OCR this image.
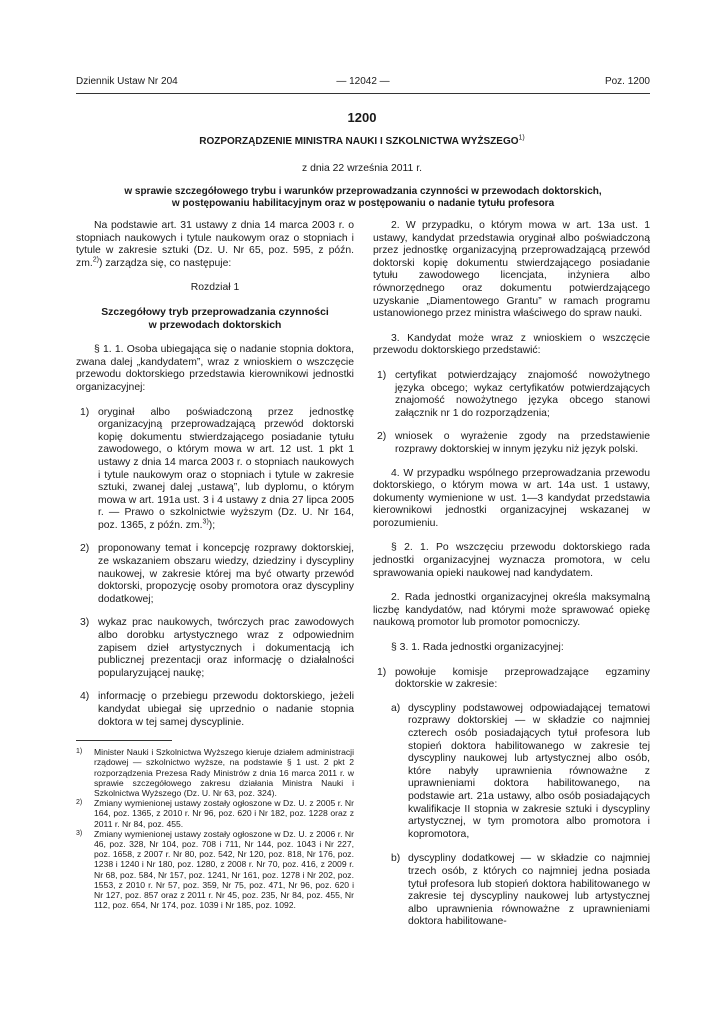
Dziennik Ustaw Nr 204	— 12042 —	Poz. 1200
1200
ROZPORZĄDZENIE MINISTRA NAUKI I SZKOLNICTWA WYŻSZEGO$^{1)}$
z dnia 22 września 2011 r.
w sprawie szczegółowego trybu i warunków przeprowadzania czynności w przewodach doktorskich,
w postępowaniu habilitacyjnym oraz w postępowaniu o nadanie tytułu profesora

Na podstawie art. 31 ustawy z dnia 14 marca 2003 r. o stopniach naukowych i tytule naukowym oraz o stopniach i tytule w zakresie sztuki (Dz. U. Nr 65, poz. 595, z późn. zm.$^{2)}$) zarządza się, co następuje:

Rozdział 1

Szczegółowy tryb przeprowadzania czynności
w przewodach doktorskich

§ 1. 1. Osoba ubiegająca się o nadanie stopnia doktora, zwana dalej „kandydatem”, wraz z wnioskiem o wszczęcie przewodu doktorskiego przedstawia kierownikowi jednostki organizacyjnej:

1) oryginał albo poświadczoną przez jednostkę organizacyjną przeprowadzającą przewód doktorski kopię dokumentu stwierdzającego posiadanie tytułu zawodowego, o którym mowa w art. 12 ust. 1 pkt 1 ustawy z dnia 14 marca 2003 r. o stopniach naukowych i tytule naukowym oraz o stopniach i tytule w zakresie sztuki, zwanej dalej „ustawą”, lub dyplomu, o którym mowa w art. 191a ust. 3 i 4 ustawy z dnia 27 lipca 2005 r. — Prawo o szkolnictwie wyższym (Dz. U. Nr 164, poz. 1365, z późn. zm.$^{3)}$);
2) proponowany temat i koncepcję rozprawy doktorskiej, ze wskazaniem obszaru wiedzy, dziedziny i dyscypliny naukowej, w zakresie której ma być otwarty przewód doktorski, propozycję osoby promotora oraz dyscypliny dodatkowej;
3) wykaz prac naukowych, twórczych prac zawodowych albo dorobku artystycznego wraz z odpowiednim zapisem dzieł artystycznych i dokumentacją ich publicznej prezentacji oraz informację o działalności popularyzującej naukę;
4) informację o przebiegu przewodu doktorskiego, jeżeli kandydat ubiegał się uprzednio o nadanie stopnia doktora w tej samej dyscyplinie.
1)	Minister Nauki i Szkolnictwa Wyższego kieruje działem administracji rządowej — szkolnictwo wyższe, na podstawie § 1 ust. 2 pkt 2 rozporządzenia Prezesa Rady Ministrów z dnia 16 marca 2011 r. w sprawie szczegółowego zakresu działania Ministra Nauki i Szkolnictwa Wyższego (Dz. U. Nr 63, poz. 324).
2)	Zmiany wymienionej ustawy zostały ogłoszone w Dz. U. z 2005 r. Nr 164, poz. 1365, z 2010 r. Nr 96, poz. 620 i Nr 182, poz. 1228 oraz z 2011 r. Nr 84, poz. 455.
3)	Zmiany wymienionej ustawy zostały ogłoszone w Dz. U. z 2006 r. Nr 46, poz. 328, Nr 104, poz. 708 i 711, Nr 144, poz. 1043 i Nr 227, poz. 1658, z 2007 r. Nr 80, poz. 542, Nr 120, poz. 818, Nr 176, poz. 1238 i 1240 i Nr 180, poz. 1280, z 2008 r. Nr 70, poz. 416, z 2009 r. Nr 68, poz. 584, Nr 157, poz. 1241, Nr 161, poz. 1278 i Nr 202, poz. 1553, z 2010 r. Nr 57, poz. 359, Nr 75, poz. 471, Nr 96, poz. 620 i Nr 127, poz. 857 oraz z 2011 r. Nr 45, poz. 235, Nr 84, poz. 455, Nr 112, poz. 654, Nr 174, poz. 1039 i Nr 185, poz. 1092.

2. W przypadku, o którym mowa w art. 13a ust. 1 ustawy, kandydat przedstawia oryginał albo poświadczoną przez jednostkę organizacyjną przeprowadzającą przewód doktorski kopię dokumentu stwierdzającego posiadanie tytułu zawodowego licencjata, inżyniera albo równorzędnego oraz dokumentu potwierdzającego uzyskanie „Diamentowego Grantu” w ramach programu ustanowionego przez ministra właściwego do spraw nauki.

3. Kandydat może wraz z wnioskiem o wszczęcie przewodu doktorskiego przedstawić:

1) certyfikat potwierdzający znajomość nowożytnego języka obcego; wykaz certyfikatów potwierdzających znajomość nowożytnego języka obcego stanowi załącznik nr 1 do rozporządzenia;
2) wniosek o wyrażenie zgody na przedstawienie rozprawy doktorskiej w innym języku niż język polski.

4. W przypadku wspólnego przeprowadzania przewodu doktorskiego, o którym mowa w art. 14a ust. 1 ustawy, dokumenty wymienione w ust. 1—3 kandydat przedstawia kierownikowi jednostki organizacyjnej wskazanej w porozumieniu.

§ 2. 1. Po wszczęciu przewodu doktorskiego rada jednostki organizacyjnej wyznacza promotora, w celu sprawowania opieki naukowej nad kandydatem.

2. Rada jednostki organizacyjnej określa maksymalną liczbę kandydatów, nad którymi może sprawować opiekę naukową promotor lub promotor pomocniczy.

§ 3. 1. Rada jednostki organizacyjnej:

1) powołuje komisje przeprowadzające egzaminy doktorskie w zakresie:
a) dyscypliny podstawowej odpowiadającej tematowi rozprawy doktorskiej — w składzie co najmniej czterech osób posiadających tytuł profesora lub stopień doktora habilitowanego w zakresie tej dyscypliny naukowej lub artystycznej albo osób, które nabyły uprawnienia równoważne z uprawnieniami doktora habilitowanego, na podstawie art. 21a ustawy, albo osób posiadających kwalifikacje II stopnia w zakresie sztuki i dyscypliny artystycznej, w tym promotora albo promotora i kopromotora,
b) dyscypliny dodatkowej — w składzie co najmniej trzech osób, z których co najmniej jedna posiada tytuł profesora lub stopień doktora habilitowanego w zakresie tej dyscypliny naukowej lub artystycznej albo uprawnienia równoważne z uprawnieniami doktora habilitowane-
